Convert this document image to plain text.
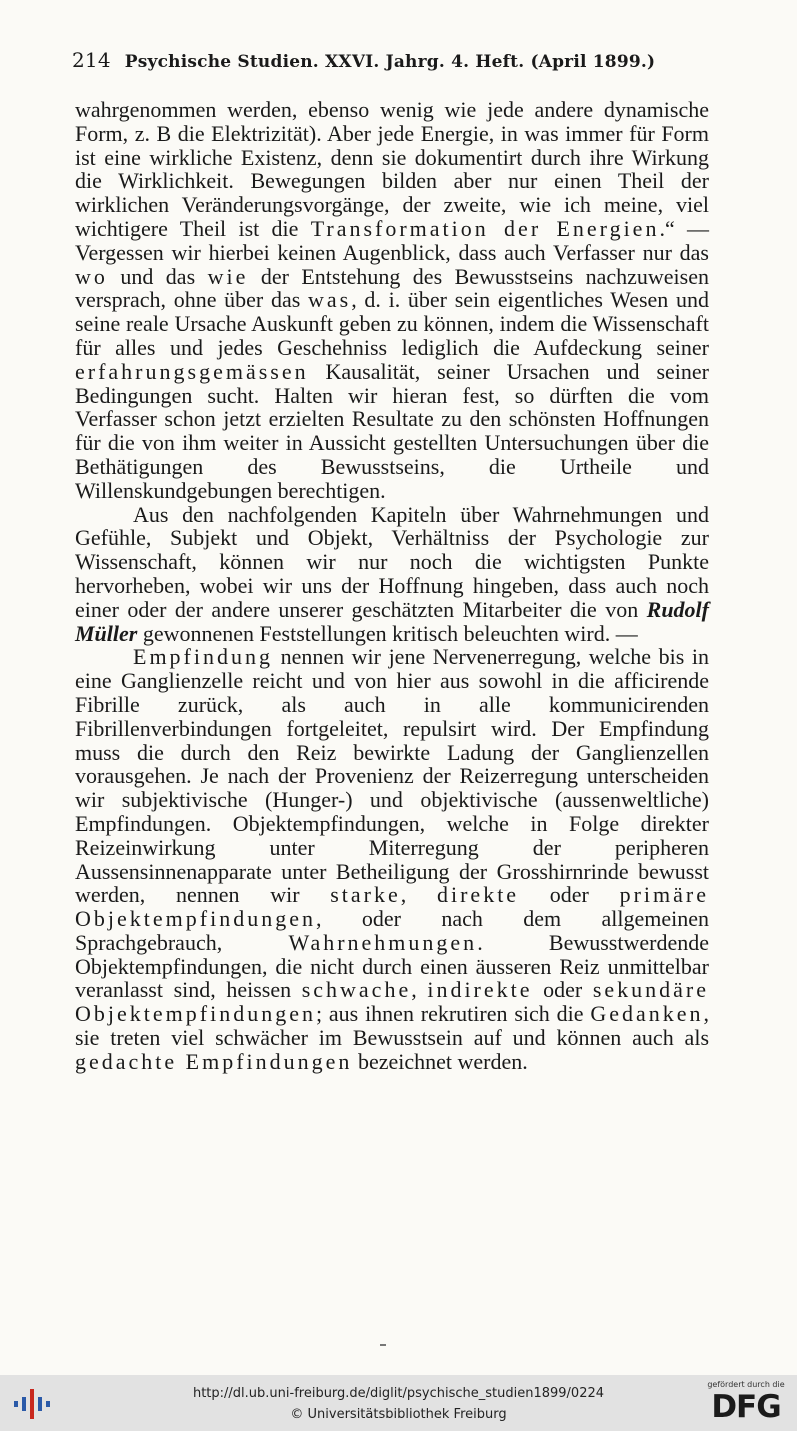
214 Psychische Studien. XXVI. Jahrg. 4. Heft. (April 1899.)

wahrgenommen werden, ebenso wenig wie jede andere dynamische Form, z. B die Elektrizität). Aber jede Energie, in was immer für Form ist eine wirkliche Existenz, denn sie dokumentirt durch ihre Wirkung die Wirklichkeit. Bewegungen bilden aber nur einen Theil der wirklichen Veränderungsvorgänge, der zweite, wie ich meine, viel wichtigere Theil ist die Transformation der Energien.“ — Vergessen wir hierbei keinen Augenblick, dass auch Verfasser nur das wo und das wie der Entstehung des Bewusstseins nachzuweisen versprach, ohne über das was, d. i. über sein eigentliches Wesen und seine reale Ursache Auskunft geben zu können, indem die Wissenschaft für alles und jedes Geschehniss lediglich die Aufdeckung seiner erfahrungsgemässen Kausalität, seiner Ursachen und seiner Bedingungen sucht. Halten wir hieran fest, so dürften die vom Verfasser schon jetzt erzielten Resultate zu den schönsten Hoffnungen für die von ihm weiter in Aussicht gestellten Untersuchungen über die Bethätigungen des Bewusstseins, die Urtheile und Willenskundgebungen berechtigen.

Aus den nachfolgenden Kapiteln über Wahrnehmungen und Gefühle, Subjekt und Objekt, Verhältniss der Psychologie zur Wissenschaft, können wir nur noch die wichtigsten Punkte hervorheben, wobei wir uns der Hoffnung hingeben, dass auch noch einer oder der andere unserer geschätzten Mitarbeiter die von Rudolf Müller gewonnenen Feststellungen kritisch beleuchten wird. —

Empfindung nennen wir jene Nervenerregung, welche bis in eine Ganglienzelle reicht und von hier aus sowohl in die afficirende Fibrille zurück, als auch in alle kommunicirenden Fibrillenverbindungen fortgeleitet, repulsirt wird. Der Empfindung muss die durch den Reiz bewirkte Ladung der Ganglienzellen vorausgehen. Je nach der Provenienz der Reizerregung unterscheiden wir subjektivische (Hunger-) und objektivische (aussenweltliche) Empfindungen. Objektempfindungen, welche in Folge direkter Reizeinwirkung unter Miterregung der peripheren Aussensinnenapparate unter Betheiligung der Grosshirnrinde bewusst werden, nennen wir starke, direkte oder primäre Objektempfindungen, oder nach dem allgemeinen Sprachgebrauch, Wahrnehmungen. Bewusstwerdende Objektempfindungen, die nicht durch einen äusseren Reiz unmittelbar veranlasst sind, heissen schwache, indirekte oder sekundäre Objektempfindungen; aus ihnen rekrutiren sich die Gedanken, sie treten viel schwächer im Bewusstsein auf und können auch als gedachte Empfindungen bezeichnet werden.

http://dl.ub.uni-freiburg.de/diglit/psychische_studien1899/0224
© Universitätsbibliothek Freiburg
gefördert durch die
DFG
